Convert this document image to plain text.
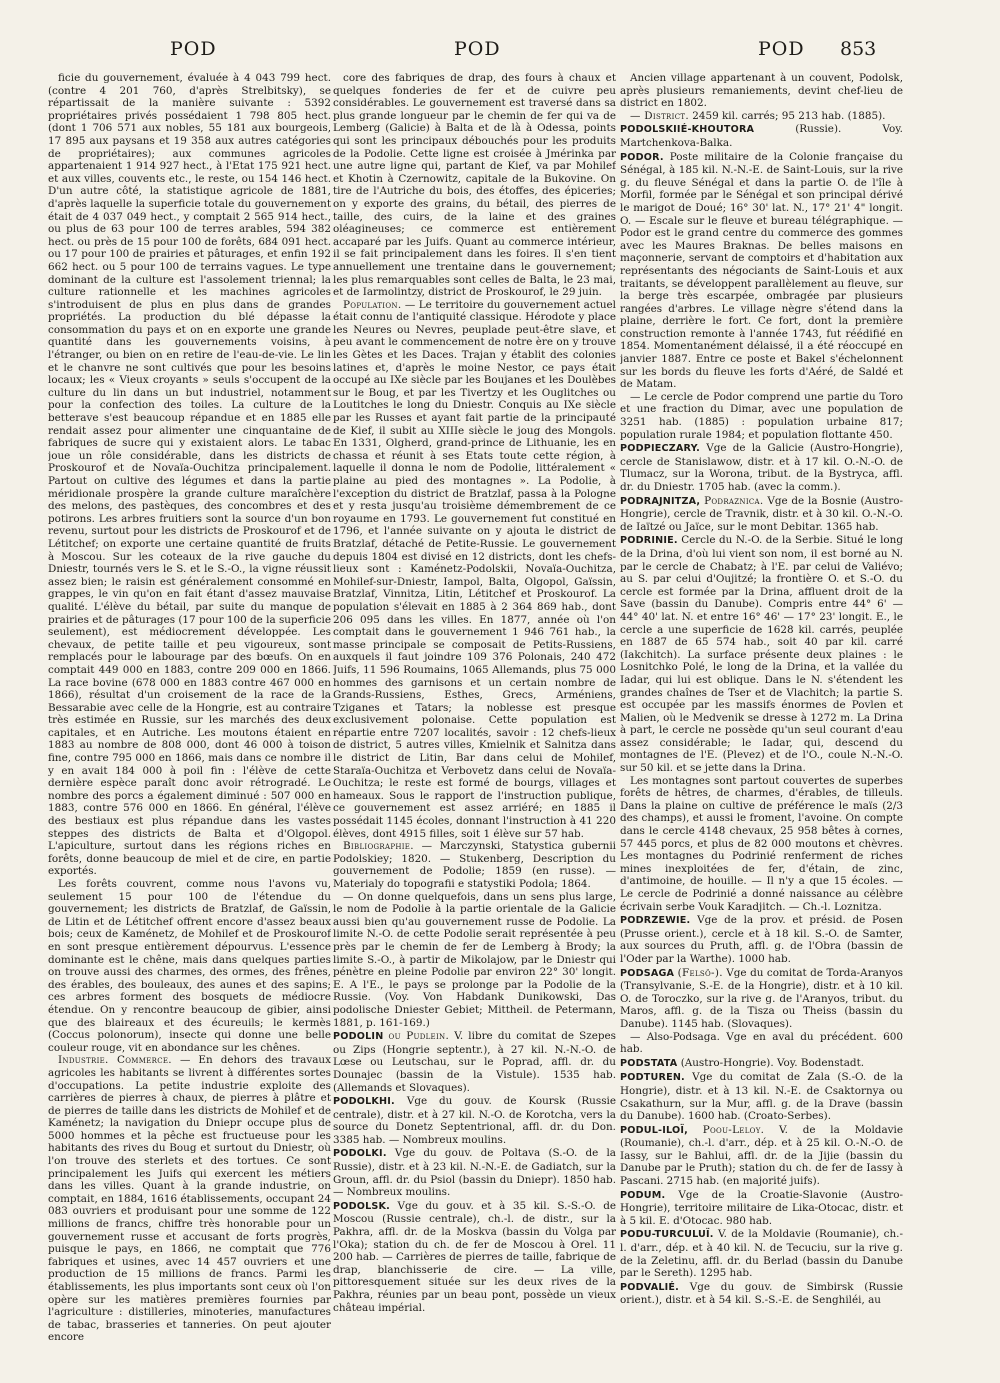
POD	POD	POD 853

ficie du gouvernement, évaluée à 4 043 799 hect. (contre 4 201 760, d'après Strelbitsky), se répartissait de la manière suivante : 5392 propriétaires privés possédaient 1 798 805 hect. (dont 1 706 571 aux nobles, 55 181 aux bourgeois, 17 895 aux paysans et 19 358 aux autres catégories de propriétaires); aux communes agricoles appartenaient 1 914 927 hect., à l'Etat 175 921 hect. et aux villes, couvents etc., le reste, ou 154 146 hect. D'un autre côté, la statistique agricole de 1881, d'après laquelle la superficie totale du gouvernement était de 4 037 049 hect., y comptait 2 565 914 hect., ou plus de 63 pour 100 de terres arables, 594 382 hect. ou près de 15 pour 100 de forêts, 684 091 hect. ou 17 pour 100 de prairies et pâturages, et enfin 192 662 hect. ou 5 pour 100 de terrains vagues. Le type dominant de la culture est l'assolement triennal; la culture rationnelle et les machines agricoles s'introduisent de plus en plus dans de grandes propriétés. La production du blé dépasse la consommation du pays et on en exporte une grande quantité dans les gouvernements voisins, à l'étranger, ou bien on en retire de l'eau-de-vie. Le lin et le chanvre ne sont cultivés que pour les besoins locaux; les « Vieux croyants » seuls s'occupent de la culture du lin dans un but industriel, notamment pour la confection des toiles. La culture de la betterave s'est beaucoup répandue et en 1885 elle rendait assez pour alimenter une cinquantaine de fabriques de sucre qui y existaient alors. Le tabac joue un rôle considérable, dans les districts de Proskourof et de Novaïa-Ouchitza principalement. Partout on cultive des légumes et dans la partie méridionale prospère la grande culture maraîchère des melons, des pastèques, des concombres et des potirons. Les arbres fruitiers sont la source d'un bon revenu, surtout pour les districts de Proskourof et de Létitchef; on exporte une certaine quantité de fruits à Moscou. Sur les coteaux de la rive gauche du Dniestr, tournés vers le S. et le S.-O., la vigne réussit assez bien; le raisin est généralement consommé en grappes, le vin qu'on en fait étant d'assez mauvaise qualité. L'élève du bétail, par suite du manque de prairies et de pâturages (17 pour 100 de la superficie seulement), est médiocrement développée. Les chevaux, de petite taille et peu vigoureux, sont remplacés pour le labourage par des bœufs. On en comptait 449 000 en 1883, contre 209 000 en 1866. La race bovine (678 000 en 1883 contre 467 000 en 1866), résultat d'un croisement de la race de la Bessarabie avec celle de la Hongrie, est au contraire très estimée en Russie, sur les marchés des deux capitales, et en Autriche. Les moutons étaient en 1883 au nombre de 808 000, dont 46 000 à toison fine, contre 795 000 en 1866, mais dans ce nombre il y en avait 184 000 à poil fin : l'élève de cette dernière espèce paraît donc avoir rétrogradé. Le nombre des porcs a également diminué : 507 000 en 1883, contre 576 000 en 1866. En général, l'élève des bestiaux est plus répandue dans les vastes steppes des districts de Balta et d'Olgopol. L'apiculture, surtout dans les régions riches en forêts, donne beaucoup de miel et de cire, en partie exportés.

Les forêts couvrent, comme nous l'avons vu, seulement 15 pour 100 de l'étendue du gouvernement; les districts de Bratzlaf, de Gaïssin, de Litin et de Létitchef offrent encore d'assez beaux bois; ceux de Kaménetz, de Mohilef et de Proskourof en sont presque entièrement dépourvus. L'essence dominante est le chêne, mais dans quelques parties on trouve aussi des charmes, des ormes, des frênes, des érables, des bouleaux, des aunes et des sapins; ces arbres forment des bosquets de médiocre étendue. On y rencontre beaucoup de gibier, ainsi que des blaireaux et des écureuils; le kermès (Coccus polonorum), insecte qui donne une belle couleur rouge, vit en abondance sur les chênes.

Industrie. Commerce. — En dehors des travaux agricoles les habitants se livrent à différentes sortes d'occupations. La petite industrie exploite des carrières de pierres à chaux, de pierres à plâtre et de pierres de taille dans les districts de Mohilef et de Kaménetz; la navigation du Dniepr occupe plus de 5000 hommes et la pêche est fructueuse pour les habitants des rives du Boug et surtout du Dniestr, où l'on trouve des sterlets et des tortues. Ce sont principalement les Juifs qui exercent les métiers dans les villes. Quant à la grande industrie, on comptait, en 1884, 1616 établissements, occupant 24 083 ouvriers et produisant pour une somme de 122 millions de francs, chiffre très honorable pour un gouvernement russe et accusant de forts progrès, puisque le pays, en 1866, ne comptait que 776 fabriques et usines, avec 14 457 ouvriers et une production de 15 millions de francs. Parmi les établissements, les plus importants sont ceux où l'on opère sur les matières premières fournies par l'agriculture : distilleries, minoteries, manufactures de tabac, brasseries et tanneries. On peut ajouter encore

core des fabriques de drap, des fours à chaux et quelques fonderies de fer et de cuivre peu considérables. Le gouvernement est traversé dans sa plus grande longueur par le chemin de fer qui va de Lemberg (Galicie) à Balta et de là à Odessa, points qui sont les principaux débouchés pour les produits de la Podolie. Cette ligne est croisée à Jmérinka par une autre ligne qui, partant de Kief, va par Mohilef et Khotin à Czernowitz, capitale de la Bukovine. On tire de l'Autriche du bois, des étoffes, des épiceries; on y exporte des grains, du bétail, des pierres de taille, des cuirs, de la laine et des graines oléagineuses; ce commerce est entièrement accaparé par les Juifs. Quant au commerce intérieur, il se fait principalement dans les foires. Il s'en tient annuellement une trentaine dans le gouvernement; les plus remarquables sont celles de Balta, le 23 mai, et de Iarmolintzy, district de Proskourof, le 29 juin.

Population. — Le territoire du gouvernement actuel était connu de l'antiquité classique. Hérodote y place les Neures ou Nevres, peuplade peut-être slave, et peu avant le commencement de notre ère on y trouve les Gètes et les Daces. Trajan y établit des colonies latines et, d'après le moine Nestor, ce pays était occupé au IXe siècle par les Boujanes et les Doulèbes sur le Boug, et par les Tivertzy et les Ouglitches ou Loutitches le long du Dniestr. Conquis au IXe siècle par les Russes et ayant fait partie de la principauté de Kief, il subit au XIIIe siècle le joug des Mongols. En 1331, Olgherd, grand-prince de Lithuanie, les en chassa et réunit à ses Etats toute cette région, à laquelle il donna le nom de Podolie, littéralement « plaine au pied des montagnes ». La Podolie, à l'exception du district de Bratzlaf, passa à la Pologne et y resta jusqu'au troisième démembrement de ce royaume en 1793. Le gouvernement fut constitué en 1796, et l'année suivante on y ajouta le district de Bratzlaf, détaché de Petite-Russie. Le gouvernement depuis 1804 est divisé en 12 districts, dont les chefs-lieux sont : Kaménetz-Podolskii, Novaïa-Ouchitza, Mohilef-sur-Dniestr, Iampol, Balta, Olgopol, Gaïssin, Bratzlaf, Vinnitza, Litin, Létitchef et Proskourof. La population s'élevait en 1885 à 2 364 869 hab., dont 206 095 dans les villes. En 1877, année où l'on comptait dans le gouvernement 1 946 761 hab., la masse principale se composait de Petits-Russiens, auxquels il faut joindre 109 376 Polonais, 240 472 Juifs, 11 596 Roumains, 1065 Allemands, plus 75 000 hommes des garnisons et un certain nombre de Grands-Russiens, Esthes, Grecs, Arméniens, Tziganes et Tatars; la noblesse est presque exclusivement polonaise. Cette population est répartie entre 7207 localités, savoir : 12 chefs-lieux de district, 5 autres villes, Kmielnik et Salnitza dans le district de Litin, Bar dans celui de Mohilef, Staraïa-Ouchitza et Verbovetz dans celui de Novaïa-Ouchitza; le reste est formé de bourgs, villages et hameaux. Sous le rapport de l'instruction publique, ce gouvernement est assez arriéré; en 1885 il possédait 1145 écoles, donnant l'instruction à 41 220 élèves, dont 4915 filles, soit 1 élève sur 57 hab.

Bibliographie. — Marczynski, Statystica gubernii Podolskiey; 1820. — Stukenberg, Description du gouvernement de Podolie; 1859 (en russe). — Materialy do topografii e statystiki Podola; 1864.

— On donne quelquefois, dans un sens plus large, le nom de Podolie à la partie orientale de la Galicie aussi bien qu'au gouvernement russe de Podolie. La limite N.-O. de cette Podolie serait représentée à peu près par le chemin de fer de Lemberg à Brody; la limite S.-O., à partir de Mikolajow, par le Dniestr qui pénètre en pleine Podolie par environ 22° 30' longit. E. A l'E., le pays se prolonge par la Podolie de la Russie. (Voy. Von Habdank Dunikowski, Das podolische Dniester Gebiet; Mittheil. de Petermann, 1881, p. 161-169.)

PODOLIN ou Pudlein. V. libre du comitat de Szepes ou Zips (Hongrie septentr.), à 27 kil. N.-N.-O. de Lœse ou Leutschau, sur le Poprad, affl. dr. du Dounajec (bassin de la Vistule). 1535 hab. (Allemands et Slovaques).

PODOLKHI. Vge du gouv. de Koursk (Russie centrale), distr. et à 27 kil. N.-O. de Korotcha, vers la source du Donetz Septentrional, affl. dr. du Don. 3385 hab. — Nombreux moulins.

PODOLKI. Vge du gouv. de Poltava (S.-O. de la Russie), distr. et à 23 kil. N.-N.-E. de Gadiatch, sur la Groun, affl. dr. du Psiol (bassin du Dniepr). 1850 hab. — Nombreux moulins.

PODOLSK. Vge du gouv. et à 35 kil. S.-S.-O. de Moscou (Russie centrale), ch.-l. de distr., sur la Pakhra, affl. dr. de la Moskva (bassin du Volga par l'Oka); station du ch. de fer de Moscou à Orel. 11 200 hab. — Carrières de pierres de taille, fabrique de drap, blanchisserie de cire. — La ville, pittoresquement située sur les deux rives de la Pakhra, réunies par un beau pont, possède un vieux château impérial.

Ancien village appartenant à un couvent, Podolsk, après plusieurs remaniements, devint chef-lieu de district en 1802.

— District. 2459 kil. carrés; 95 213 hab. (1885).

PODOLSKIIÉ-KHOUTORA	(Russie). Voy. Martchenkova-Balka.

PODOR. Poste militaire de la Colonie française du Sénégal, à 185 kil. N.-N.-E. de Saint-Louis, sur la rive g. du fleuve Sénégal et dans la partie O. de l'île à Morfil, formée par le Sénégal et son principal dérivé le marigot de Doué; 16° 30' lat. N., 17° 21' 4" longit. O. — Escale sur le fleuve et bureau télégraphique. — Podor est le grand centre du commerce des gommes avec les Maures Braknas. De belles maisons en maçonnerie, servant de comptoirs et d'habitation aux représentants des négociants de Saint-Louis et aux traitants, se développent parallèlement au fleuve, sur la berge très escarpée, ombragée par plusieurs rangées d'arbres. Le village nègre s'étend dans la plaine, derrière le fort. Ce fort, dont la première construction remonte à l'année 1743, fut réédifié en 1854. Momentanément délaissé, il a été réoccupé en janvier 1887. Entre ce poste et Bakel s'échelonnent sur les bords du fleuve les forts d'Aéré, de Saldé et de Matam.

— Le cercle de Podor comprend une partie du Toro et une fraction du Dimar, avec une population de 3251 hab. (1885) : population urbaine 817; population rurale 1984; et population flottante 450.

PODPIECZARY. Vge de la Galicie (Austro-Hongrie), cercle de Stanislawow, distr. et à 17 kil. O.-N.-O. de Tlumacz, sur la Worona, tribut. de la Bystryca, affl. dr. du Dniestr. 1705 hab. (avec la comm.).

PODRAJNITZA, Podraznica. Vge de la Bosnie (Austro-Hongrie), cercle de Travnik, distr. et à 30 kil. O.-N.-O. de Iaïtzé ou Jaïce, sur le mont Debitar. 1365 hab.

PODRINIE. Cercle du N.-O. de la Serbie. Situé le long de la Drina, d'où lui vient son nom, il est borné au N. par le cercle de Chabatz; à l'E. par celui de Valiévo; au S. par celui d'Oujitzé; la frontière O. et S.-O. du cercle est formée par la Drina, affluent droit de la Save (bassin du Danube). Compris entre 44° 6' — 44° 40' lat. N. et entre 16° 46' — 17° 23' longit. E., le cercle a une superficie de 1628 kil. carrés, peuplée en 1887 de 65 574 hab., soit 40 par kil. carré (Iakchitch). La surface présente deux plaines : le Losnitchko Polé, le long de la Drina, et la vallée du Iadar, qui lui est oblique. Dans le N. s'étendent les grandes chaînes de Tser et de Vlachitch; la partie S. est occupée par les massifs énormes de Povlen et Malien, où le Medvenik se dresse à 1272 m. La Drina à part, le cercle ne possède qu'un seul courant d'eau assez considérable; le Iadar, qui, descend du montagnes de l'E. (Plevez) et de l'O., coule N.-N.-O. sur 50 kil. et se jette dans la Drina.

Les montagnes sont partout couvertes de superbes forêts de hêtres, de charmes, d'érables, de tilleuls. Dans la plaine on cultive de préférence le maïs (2/3 des champs), et aussi le froment, l'avoine. On compte dans le cercle 4148 chevaux, 25 958 bêtes à cornes, 57 445 porcs, et plus de 82 000 moutons et chèvres. Les montagnes du Podrinié renferment de riches mines inexploitées de fer, d'étain, de zinc, d'antimoine, de houille. — Il n'y a que 15 écoles. — Le cercle de Podrinié a donné naissance au célèbre écrivain serbe Vouk Karadjitch. — Ch.-l. Loznitza.

PODRZEWIE. Vge de la prov. et présid. de Posen (Prusse orient.), cercle et à 18 kil. S.-O. de Samter, aux sources du Pruth, affl. g. de l'Obra (bassin de l'Oder par la Warthe). 1000 hab.

PODSAGA (Felsö-). Vge du comitat de Torda-Aranyos (Transylvanie, S.-E. de la Hongrie), distr. et à 10 kil. O. de Toroczko, sur la rive g. de l'Aranyos, tribut. du Maros, affl. g. de la Tisza ou Theiss (bassin du Danube). 1145 hab. (Slovaques).

— Also-Podsaga. Vge en aval du précédent. 600 hab.

PODSTATA (Austro-Hongrie). Voy. Bodenstadt.

PODTUREN. Vge du comitat de Zala (S.-O. de la Hongrie), distr. et à 13 kil. N.-E. de Csaktornya ou Csakathurn, sur la Mur, affl. g. de la Drave (bassin du Danube). 1600 hab. (Croato-Serbes).

PODUL-ILOÏ, Poou-Leloy. V. de la Moldavie (Roumanie), ch.-l. d'arr., dép. et à 25 kil. O.-N.-O. de Iassy, sur le Bahlui, affl. dr. de la Jijie (bassin du Danube par le Pruth); station du ch. de fer de Iassy à Pascani. 2715 hab. (en majorité juifs).

PODUM. Vge de la Croatie-Slavonie (Austro-Hongrie), territoire militaire de Lika-Otocac, distr. et à 5 kil. E. d'Otocac. 980 hab.

PODU-TURCULUÏ. V. de la Moldavie (Roumanie), ch.-l. d'arr., dép. et à 40 kil. N. de Tecuciu, sur la rive g. de la Zeletinu, affl. dr. du Berlad (bassin du Danube par le Sereth). 1295 hab.

PODVALIÉ. Vge du gouv. de Simbirsk (Russie orient.), distr. et à 54 kil. S.-S.-E. de Senghiléi, au
